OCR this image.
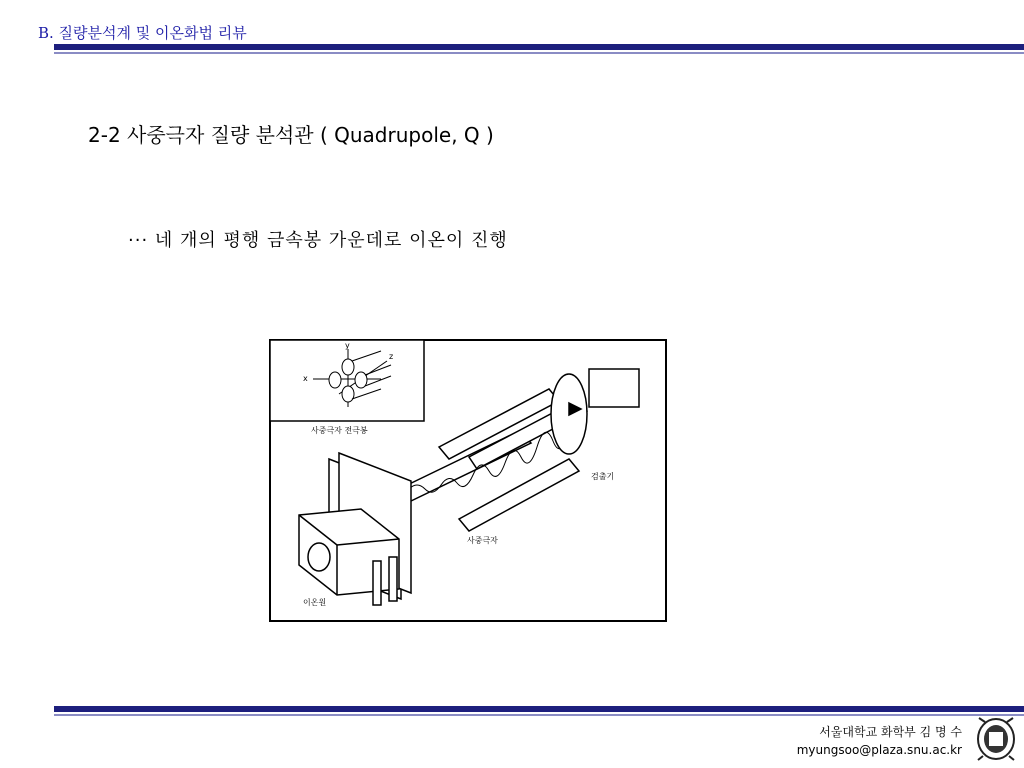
B. 질량분석계 및 이온화법 리뷰
2-2 사중극자 질량 분석관 ( Quadrupole, Q )
··· 네 개의 평행 금속봉 가운데로 이온이 진행
y
x
z
사중극자 전극봉
검출기
사중극자
이온원
서울대학교 화학부 김 명 수
myungsoo@plaza.snu.ac.kr
